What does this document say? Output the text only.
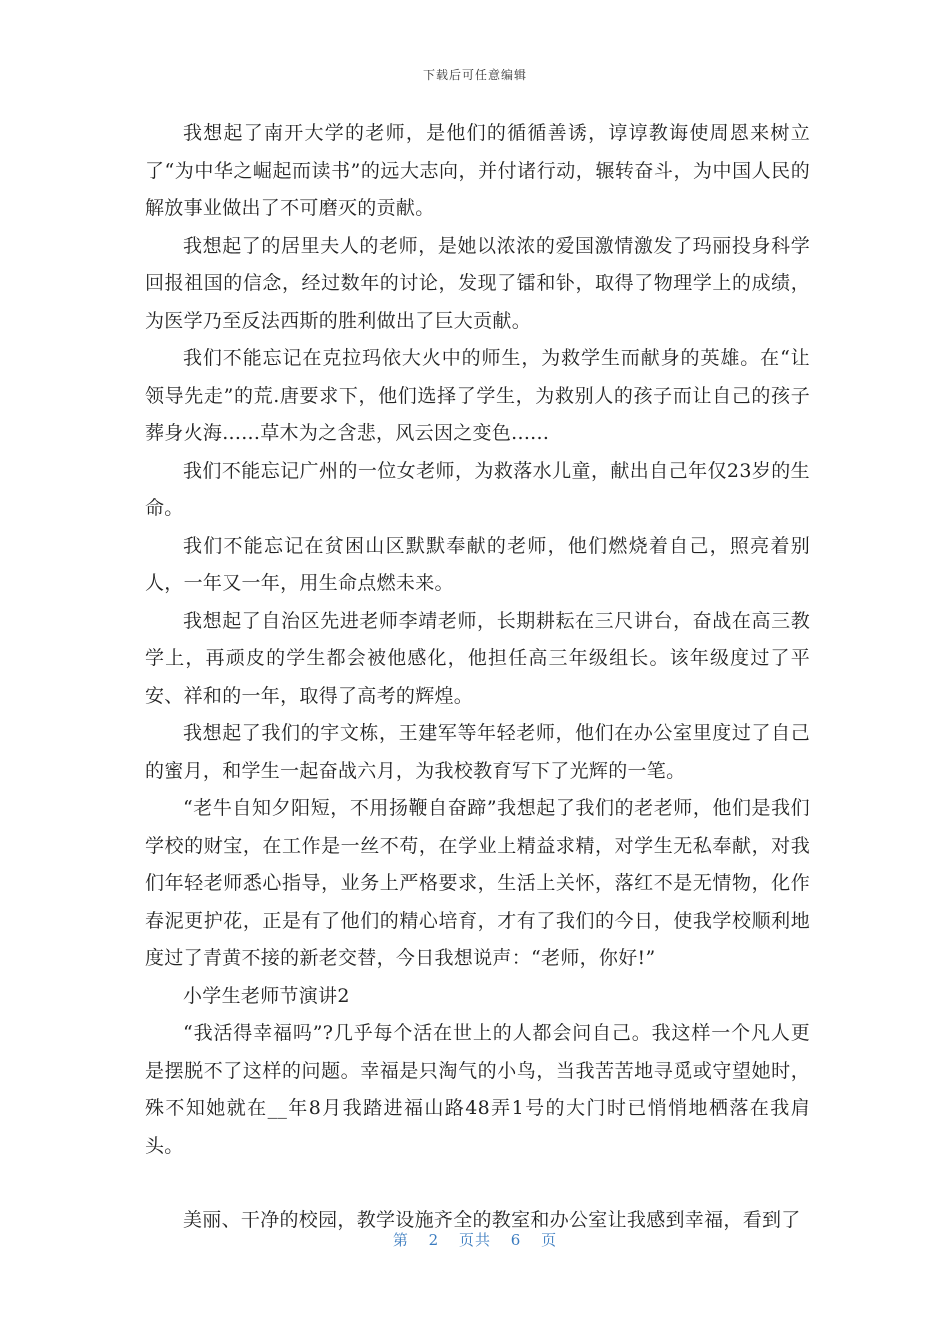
下载后可任意编辑

我想起了南开大学的老师，是他们的循循善诱，谆谆教诲使周恩来树立了“为中华之崛起而读书”的远大志向，并付诸行动，辗转奋斗，为中国人民的解放事业做出了不可磨灭的贡献。

我想起了的居里夫人的老师，是她以浓浓的爱国激情激发了玛丽投身科学回报祖国的信念，经过数年的讨论，发现了镭和钋，取得了物理学上的成绩，为医学乃至反法西斯的胜利做出了巨大贡献。

我们不能忘记在克拉玛依大火中的师生，为救学生而献身的英雄。在“让领导先走”的荒.唐要求下，他们选择了学生，为救别人的孩子而让自己的孩子葬身火海......草木为之含悲，风云因之变色......

我们不能忘记广州的一位女老师，为救落水儿童，献出自己年仅23岁的生命。

我们不能忘记在贫困山区默默奉献的老师，他们燃烧着自己，照亮着别人，一年又一年，用生命点燃未来。

我想起了自治区先进老师李靖老师，长期耕耘在三尺讲台，奋战在高三教学上，再顽皮的学生都会被他感化，他担任高三年级组长。该年级度过了平安、祥和的一年，取得了高考的辉煌。

我想起了我们的宇文栋，王建军等年轻老师，他们在办公室里度过了自己的蜜月，和学生一起奋战六月，为我校教育写下了光辉的一笔。

“老牛自知夕阳短，不用扬鞭自奋蹄”我想起了我们的老老师，他们是我们学校的财宝，在工作是一丝不苟，在学业上精益求精，对学生无私奉献，对我们年轻老师悉心指导，业务上严格要求，生活上关怀，落红不是无情物，化作春泥更护花，正是有了他们的精心培育，才有了我们的今日，使我学校顺利地度过了青黄不接的新老交替，今日我想说声：“老师，你好!”

小学生老师节演讲2

“我活得幸福吗”?几乎每个活在世上的人都会问自己。我这样一个凡人更是摆脱不了这样的问题。幸福是只淘气的小鸟，当我苦苦地寻觅或守望她时，殊不知她就在__年8月我踏进福山路48弄1号的大门时已悄悄地栖落在我肩头。

美丽、干净的校园，教学设施齐全的教室和办公室让我感到幸福，看到了

第 2 页共 6 页
